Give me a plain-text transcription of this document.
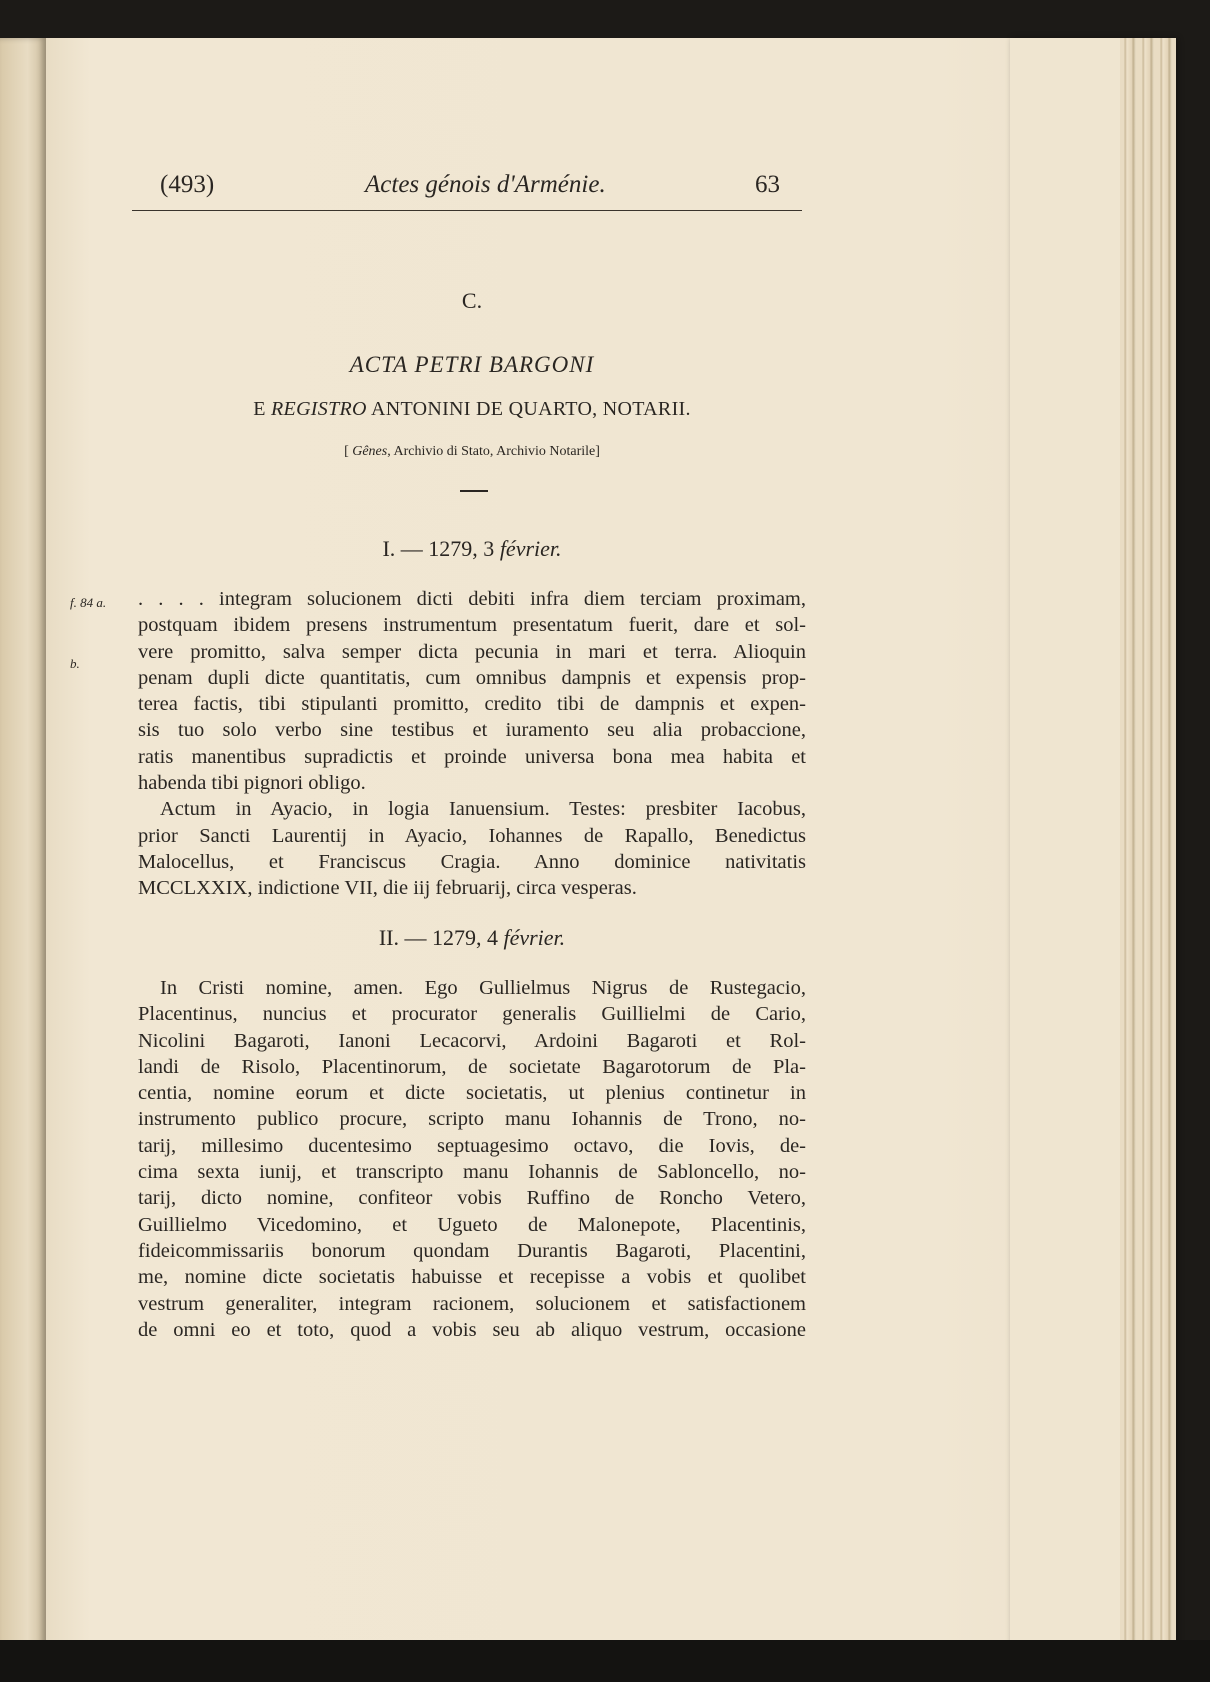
(493)	Actes génois d'Arménie.	63
C.
ACTA PETRI BARGONI
E REGISTRO ANTONINI DE QUARTO, NOTARII.
[ Gênes, Archivio di Stato, Archivio Notarile]
I. — 1279, 3 février.
f. 84 a.
b.
. . . . integram solucionem dicti debiti infra diem terciam proximam,
postquam ibidem presens instrumentum presentatum fuerit, dare et sol-
vere promitto, salva semper dicta pecunia in mari et terra. Alioquin
penam dupli dicte quantitatis, cum omnibus dampnis et expensis prop-
terea factis, tibi stipulanti promitto, credito tibi de dampnis et expen-
sis tuo solo verbo sine testibus et iuramento seu alia probaccione,
ratis manentibus supradictis et proinde universa bona mea habita et
habenda tibi pignori obligo.
Actum in Ayacio, in logia Ianuensium. Testes: presbiter Iacobus,
prior Sancti Laurentij in Ayacio, Iohannes de Rapallo, Benedictus
Malocellus, et Franciscus Cragia. Anno dominice nativitatis
MCCLXXIX, indictione VII, die iij februarij, circa vesperas.
II. — 1279, 4 février.
In Cristi nomine, amen. Ego Gullielmus Nigrus de Rustegacio,
Placentinus, nuncius et procurator generalis Guillielmi de Cario,
Nicolini Bagaroti, Ianoni Lecacorvi, Ardoini Bagaroti et Rol-
landi de Risolo, Placentinorum, de societate Bagarotorum de Pla-
centia, nomine eorum et dicte societatis, ut plenius continetur in
instrumento publico procure, scripto manu Iohannis de Trono, no-
tarij, millesimo ducentesimo septuagesimo octavo, die Iovis, de-
cima sexta iunij, et transcripto manu Iohannis de Sabloncello, no-
tarij, dicto nomine, confiteor vobis Ruffino de Roncho Vetero,
Guillielmo Vicedomino, et Ugueto de Malonepote, Placentinis,
fideicommissariis bonorum quondam Durantis Bagaroti, Placentini,
me, nomine dicte societatis habuisse et recepisse a vobis et quolibet
vestrum generaliter, integram racionem, solucionem et satisfactionem
de omni eo et toto, quod a vobis seu ab aliquo vestrum, occasione
